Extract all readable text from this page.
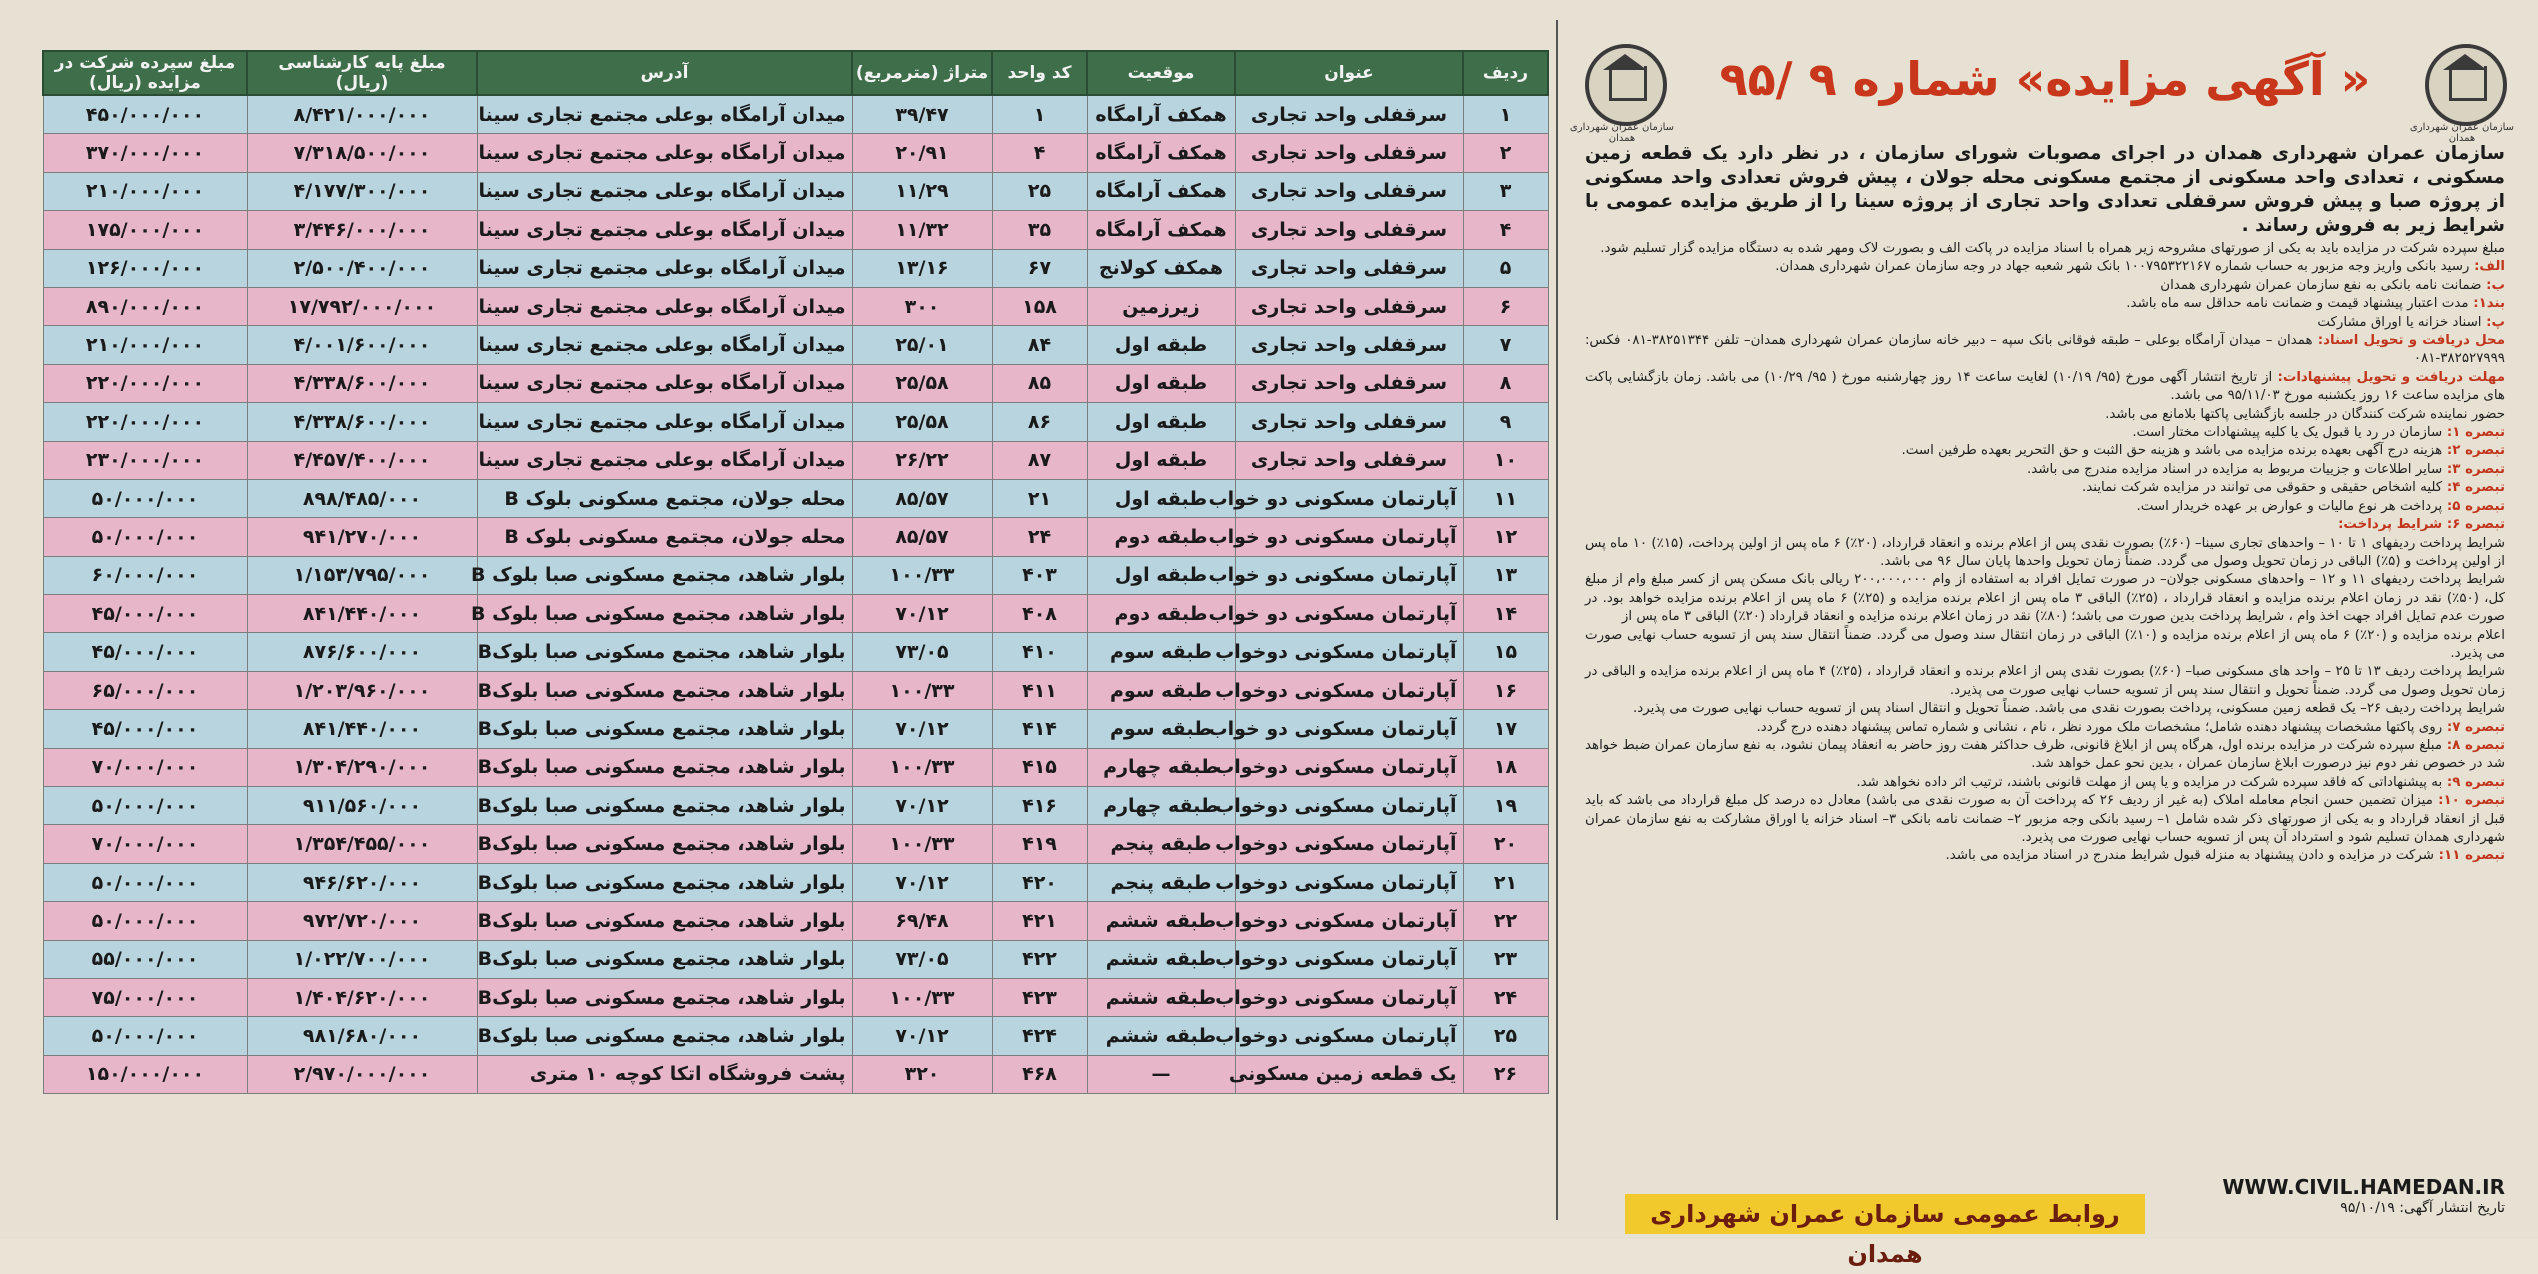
ردیف	عنوان	موقعیت	کد واحد	متراژ (مترمربع)	آدرس	مبلغ پایه کارشناسی (ریال)	مبلغ سپرده شرکت در مزایده (ریال)
۱	سرقفلی واحد تجاری	همکف آرامگاه	۱	۳۹/۴۷	میدان آرامگاه بوعلی مجتمع تجاری سینا	۸/۴۲۱/۰۰۰/۰۰۰	۴۵۰/۰۰۰/۰۰۰
۲	سرقفلی واحد تجاری	همکف آرامگاه	۴	۲۰/۹۱	میدان آرامگاه بوعلی مجتمع تجاری سینا	۷/۳۱۸/۵۰۰/۰۰۰	۳۷۰/۰۰۰/۰۰۰
۳	سرقفلی واحد تجاری	همکف آرامگاه	۲۵	۱۱/۲۹	میدان آرامگاه بوعلی مجتمع تجاری سینا	۴/۱۷۷/۳۰۰/۰۰۰	۲۱۰/۰۰۰/۰۰۰
۴	سرقفلی واحد تجاری	همکف آرامگاه	۳۵	۱۱/۳۲	میدان آرامگاه بوعلی مجتمع تجاری سینا	۳/۴۴۶/۰۰۰/۰۰۰	۱۷۵/۰۰۰/۰۰۰
۵	سرقفلی واحد تجاری	همکف کولانج	۶۷	۱۳/۱۶	میدان آرامگاه بوعلی مجتمع تجاری سینا	۲/۵۰۰/۴۰۰/۰۰۰	۱۲۶/۰۰۰/۰۰۰
۶	سرقفلی واحد تجاری	زیرزمین	۱۵۸	۳۰۰	میدان آرامگاه بوعلی مجتمع تجاری سینا	۱۷/۷۹۲/۰۰۰/۰۰۰	۸۹۰/۰۰۰/۰۰۰
۷	سرقفلی واحد تجاری	طبقه اول	۸۴	۲۵/۰۱	میدان آرامگاه بوعلی مجتمع تجاری سینا	۴/۰۰۱/۶۰۰/۰۰۰	۲۱۰/۰۰۰/۰۰۰
۸	سرقفلی واحد تجاری	طبقه اول	۸۵	۲۵/۵۸	میدان آرامگاه بوعلی مجتمع تجاری سینا	۴/۳۳۸/۶۰۰/۰۰۰	۲۲۰/۰۰۰/۰۰۰
۹	سرقفلی واحد تجاری	طبقه اول	۸۶	۲۵/۵۸	میدان آرامگاه بوعلی مجتمع تجاری سینا	۴/۳۳۸/۶۰۰/۰۰۰	۲۲۰/۰۰۰/۰۰۰
۱۰	سرقفلی واحد تجاری	طبقه اول	۸۷	۲۶/۲۲	میدان آرامگاه بوعلی مجتمع تجاری سینا	۴/۴۵۷/۴۰۰/۰۰۰	۲۳۰/۰۰۰/۰۰۰
۱۱	آپارتمان مسکونی دو خواب	طبقه اول	۲۱	۸۵/۵۷	محله جولان، مجتمع مسکونی بلوک B	۸۹۸/۴۸۵/۰۰۰	۵۰/۰۰۰/۰۰۰
۱۲	آپارتمان مسکونی دو خواب	طبقه دوم	۲۴	۸۵/۵۷	محله جولان، مجتمع مسکونی بلوک B	۹۴۱/۲۷۰/۰۰۰	۵۰/۰۰۰/۰۰۰
۱۳	آپارتمان مسکونی دو خواب	طبقه اول	۴۰۳	۱۰۰/۳۳	بلوار شاهد، مجتمع مسکونی صبا بلوک B	۱/۱۵۳/۷۹۵/۰۰۰	۶۰/۰۰۰/۰۰۰
۱۴	آپارتمان مسکونی دو خواب	طبقه دوم	۴۰۸	۷۰/۱۲	بلوار شاهد، مجتمع مسکونی صبا بلوک B	۸۴۱/۴۴۰/۰۰۰	۴۵/۰۰۰/۰۰۰
۱۵	آپارتمان مسکونی دوخواب	طبقه سوم	۴۱۰	۷۳/۰۵	بلوار شاهد، مجتمع مسکونی صبا بلوکB	۸۷۶/۶۰۰/۰۰۰	۴۵/۰۰۰/۰۰۰
۱۶	آپارتمان مسکونی دوخواب	طبقه سوم	۴۱۱	۱۰۰/۳۳	بلوار شاهد، مجتمع مسکونی صبا بلوکB	۱/۲۰۳/۹۶۰/۰۰۰	۶۵/۰۰۰/۰۰۰
۱۷	آپارتمان مسکونی دو خواب	طبقه سوم	۴۱۴	۷۰/۱۲	بلوار شاهد، مجتمع مسکونی صبا بلوکB	۸۴۱/۴۴۰/۰۰۰	۴۵/۰۰۰/۰۰۰
۱۸	آپارتمان مسکونی دوخواب	طبقه چهارم	۴۱۵	۱۰۰/۳۳	بلوار شاهد، مجتمع مسکونی صبا بلوکB	۱/۳۰۴/۲۹۰/۰۰۰	۷۰/۰۰۰/۰۰۰
۱۹	آپارتمان مسکونی دوخواب	طبقه چهارم	۴۱۶	۷۰/۱۲	بلوار شاهد، مجتمع مسکونی صبا بلوکB	۹۱۱/۵۶۰/۰۰۰	۵۰/۰۰۰/۰۰۰
۲۰	آپارتمان مسکونی دوخواب	طبقه پنجم	۴۱۹	۱۰۰/۳۳	بلوار شاهد، مجتمع مسکونی صبا بلوکB	۱/۳۵۴/۴۵۵/۰۰۰	۷۰/۰۰۰/۰۰۰
۲۱	آپارتمان مسکونی دوخواب	طبقه پنجم	۴۲۰	۷۰/۱۲	بلوار شاهد، مجتمع مسکونی صبا بلوکB	۹۴۶/۶۲۰/۰۰۰	۵۰/۰۰۰/۰۰۰
۲۲	آپارتمان مسکونی دوخواب	طبقه ششم	۴۲۱	۶۹/۴۸	بلوار شاهد، مجتمع مسکونی صبا بلوکB	۹۷۲/۷۲۰/۰۰۰	۵۰/۰۰۰/۰۰۰
۲۳	آپارتمان مسکونی دوخواب	طبقه ششم	۴۲۲	۷۳/۰۵	بلوار شاهد، مجتمع مسکونی صبا بلوکB	۱/۰۲۲/۷۰۰/۰۰۰	۵۵/۰۰۰/۰۰۰
۲۴	آپارتمان مسکونی دوخواب	طبقه ششم	۴۲۳	۱۰۰/۳۳	بلوار شاهد، مجتمع مسکونی صبا بلوکB	۱/۴۰۴/۶۲۰/۰۰۰	۷۵/۰۰۰/۰۰۰
۲۵	آپارتمان مسکونی دوخواب	طبقه ششم	۴۲۴	۷۰/۱۲	بلوار شاهد، مجتمع مسکونی صبا بلوکB	۹۸۱/۶۸۰/۰۰۰	۵۰/۰۰۰/۰۰۰
۲۶	یک قطعه زمین مسکونی	—	۴۶۸	۳۲۰	پشت فروشگاه اتکا کوچه ۱۰ متری	۲/۹۷۰/۰۰۰/۰۰۰	۱۵۰/۰۰۰/۰۰۰
سازمان عمران شهرداری همدان
« آگهی مزایده» شماره ۹ /۹۵
سازمان عمران شهرداری همدان
سازمان عمران شهرداری همدان در اجرای مصوبات شورای سازمان ، در نظر دارد یک قطعه زمین مسکونی ، تعدادی واحد مسکونی از مجتمع مسکونی محله جولان ، پیش فروش تعدادی واحد مسکونی از پروژه صبا و پیش فروش سرقفلی تعدادی واحد تجاری از پروژه سینا را از طریق مزایده عمومی با شرایط زیر به فروش رساند .

مبلغ سپرده شرکت در مزایده باید به یکی از صورتهای مشروحه زیر همراه با اسناد مزایده در پاکت الف و بصورت لاک ومهر شده به دستگاه مزایده گزار تسلیم شود.

الف: رسید بانکی واریز وجه مزبور به حساب شماره ۱۰۰۷۹۵۳۲۲۱۶۷ بانک شهر شعبه جهاد در وجه سازمان عمران شهرداری همدان.

ب: ضمانت نامه بانکی به نفع سازمان عمران شهرداری همدان

بند۱: مدت اعتبار پیشنهاد قیمت و ضمانت نامه حداقل سه ماه باشد.

پ: اسناد خزانه یا اوراق مشارکت

محل دریافت و تحویل اسناد: همدان – میدان آرامگاه بوعلی – طبقه فوقانی بانک سپه – دبیر خانه سازمان عمران شهرداری همدان– تلفن ۳۸۲۵۱۳۴۴-۰۸۱ فکس: ۳۸۲۵۲۷۹۹۹-۰۸۱

مهلت دریافت و تحویل پیشنهادات: از تاریخ انتشار آگهی مورخ (۹۵/ ۱۰/۱۹) لغایت ساعت ۱۴ روز چهارشنبه مورخ ( ۹۵/ ۱۰/۲۹) می باشد. زمان بازگشایی پاکت های مزایده ساعت ۱۶ روز یکشنبه مورخ ۹۵/۱۱/۰۳ می باشد.

حضور نماینده شرکت کنندگان در جلسه بازگشایی پاکتها بلامانع می باشد.

تبصره ۱: سازمان در رد یا قبول یک یا کلیه پیشنهادات مختار است.

تبصره ۲: هزینه درج آگهی بعهده برنده مزایده می باشد و هزینه حق الثبت و حق التحریر بعهده طرفین است.

تبصره ۳: سایر اطلاعات و جزییات مربوط به مزایده در اسناد مزایده مندرج می باشد.

تبصره ۴: کلیه اشخاص حقیقی و حقوقی می توانند در مزایده شرکت نمایند.

تبصره ۵: پرداخت هر نوع مالیات و عوارض بر عهده خریدار است.

تبصره ۶: شرایط پرداخت:

شرایط پرداخت ردیفهای ۱ تا ۱۰ – واحدهای تجاری سینا– (۶۰٪) بصورت نقدی پس از اعلام برنده و انعقاد قرارداد، (۲۰٪) ۶ ماه پس از اولین پرداخت، (۱۵٪) ۱۰ ماه پس از اولین پرداخت و (۵٪) الباقی در زمان تحویل وصول می گردد. ضمناً زمان تحویل واحدها پایان سال ۹۶ می باشد.

شرایط پرداخت ردیفهای ۱۱ و ۱۲ – واحدهای مسکونی جولان– در صورت تمایل افراد به استفاده از وام ۲۰۰،۰۰۰،۰۰۰ ریالی بانک مسکن پس از کسر مبلغ وام از مبلغ کل، (۵۰٪) نقد در زمان اعلام برنده مزایده و انعقاد قرارداد ، (۲۵٪) الباقی ۳ ماه پس از اعلام برنده مزایده و (۲۵٪) ۶ ماه پس از اعلام برنده مزایده خواهد بود. در صورت عدم تمایل افراد جهت اخذ وام ، شرایط پرداخت بدین صورت می باشد؛ (۸۰٪) نقد در زمان اعلام برنده مزایده و انعقاد قرارداد (۲۰٪) الباقی ۳ ماه پس از

اعلام برنده مزایده و (۲۰٪) ۶ ماه پس از اعلام برنده مزایده و (۱۰٪) الباقی در زمان انتقال سند وصول می گردد. ضمناً انتقال سند پس از تسویه حساب نهایی صورت می پذیرد.

شرایط پرداخت ردیف ۱۳ تا ۲۵ – واحد های مسکونی صبا– (۶۰٪) بصورت نقدی پس از اعلام برنده و انعقاد قرارداد ، (۲۵٪) ۴ ماه پس از اعلام برنده مزایده و الباقی در زمان تحویل وصول می گردد. ضمناً تحویل و انتقال سند پس از تسویه حساب نهایی صورت می پذیرد.

شرایط پرداخت ردیف ۲۶– یک قطعه زمین مسکونی، پرداخت بصورت نقدی می باشد. ضمناً تحویل و انتقال اسناد پس از تسویه حساب نهایی صورت می پذیرد.

تبصره ۷: روی پاکتها مشخصات پیشنهاد دهنده شامل؛ مشخصات ملک مورد نظر ، نام ، نشانی و شماره تماس پیشنهاد دهنده درج گردد.

تبصره ۸: مبلغ سپرده شرکت در مزایده برنده اول، هرگاه پس از ابلاغ قانونی، ظرف حداکثر هفت روز حاضر به انعقاد پیمان نشود، به نفع سازمان عمران ضبط خواهد شد در خصوص نفر دوم نیز درصورت ابلاغ سازمان عمران ، بدین نحو عمل خواهد شد.

تبصره ۹: به پیشنهاداتی که فاقد سپرده شرکت در مزایده و یا پس از مهلت قانونی باشند، ترتیب اثر داده نخواهد شد.

تبصره ۱۰: میزان تضمین حسن انجام معامله املاک (به غیر از ردیف ۲۶ که پرداخت آن به صورت نقدی می باشد) معادل ده درصد کل مبلغ قرارداد می باشد که باید قبل از انعقاد قرارداد و به یکی از صورتهای ذکر شده شامل ۱– رسید بانکی وجه مزبور ۲– ضمانت نامه بانکی ۳– اسناد خزانه یا اوراق مشارکت به نفع سازمان عمران شهرداری همدان تسلیم شود و استرداد آن پس از تسویه حساب نهایی صورت می پذیرد.

تبصره ۱۱: شرکت در مزایده و دادن پیشنهاد به منزله قبول شرایط مندرج در اسناد مزایده می باشد.

WWW.CIVIL.HAMEDAN.IR
تاریخ انتشار آگهی: ۹۵/۱۰/۱۹
روابط عمومی سازمان عمران شهرداری همدان
